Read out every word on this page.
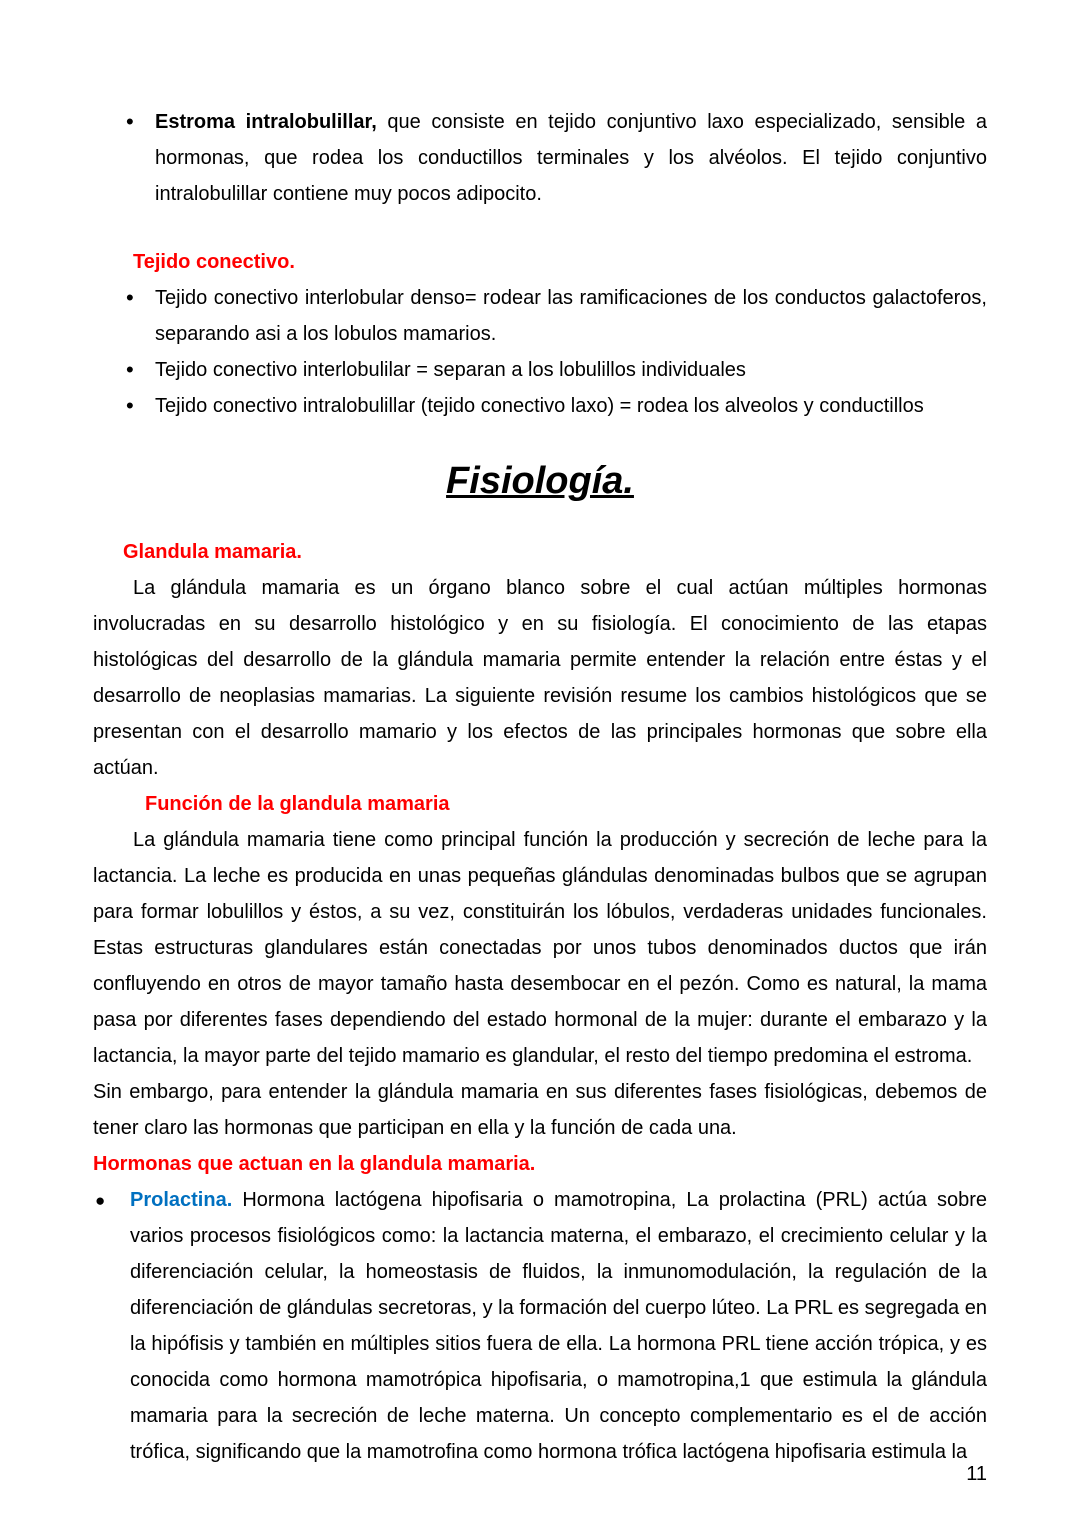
• Estroma intralobulillar, que consiste en tejido conjuntivo laxo especializado, sensible a hormonas, que rodea los conductillos terminales y los alvéolos. El tejido conjuntivo intralobulillar contiene muy pocos adipocito.

Tejido conectivo.

• Tejido conectivo interlobular denso= rodear las ramificaciones de los conductos galactoferos, separando asi a los lobulos mamarios.
• Tejido conectivo interlobulilar = separan a los lobulillos individuales
• Tejido conectivo intralobulillar (tejido conectivo laxo) = rodea los alveolos y conductillos
Fisiología.

Glandula mamaria.

La glándula mamaria es un órgano blanco sobre el cual actúan múltiples hormonas involucradas en su desarrollo histológico y en su fisiología. El conocimiento de las etapas histológicas del desarrollo de la glándula mamaria permite entender la relación entre éstas y el desarrollo de neoplasias mamarias. La siguiente revisión resume los cambios histológicos que se presentan con el desarrollo mamario y los efectos de las principales hormonas que sobre ella actúan.

Función de la glandula mamaria

La glándula mamaria tiene como principal función la producción y secreción de leche para la lactancia. La leche es producida en unas pequeñas glándulas denominadas bulbos que se agrupan para formar lobulillos y éstos, a su vez, constituirán los lóbulos, verdaderas unidades funcionales. Estas estructuras glandulares están conectadas por unos tubos denominados ductos que irán confluyendo en otros de mayor tamaño hasta desembocar en el pezón. Como es natural, la mama pasa por diferentes fases dependiendo del estado hormonal de la mujer: durante el embarazo y la lactancia, la mayor parte del tejido mamario es glandular, el resto del tiempo predomina el estroma.

Sin embargo, para entender la glándula mamaria en sus diferentes fases fisiológicas, debemos de tener claro las hormonas que participan en ella y la función de cada una.

Hormonas que actuan en la glandula mamaria.

● Prolactina. Hormona lactógena hipofisaria o mamotropina, La prolactina (PRL) actúa sobre varios procesos fisiológicos como: la lactancia materna, el embarazo, el crecimiento celular y la diferenciación celular, la homeostasis de fluidos, la inmunomodulación, la regulación de la diferenciación de glándulas secretoras, y la formación del cuerpo lúteo. La PRL es segregada en la hipófisis y también en múltiples sitios fuera de ella. La hormona PRL tiene acción trópica, y es conocida como hormona mamotrópica hipofisaria, o mamotropina,1 que estimula la glándula mamaria para la secreción de leche materna. Un concepto complementario es el de acción trófica, significando que la mamotrofina como hormona trófica lactógena hipofisaria estimula la
11
